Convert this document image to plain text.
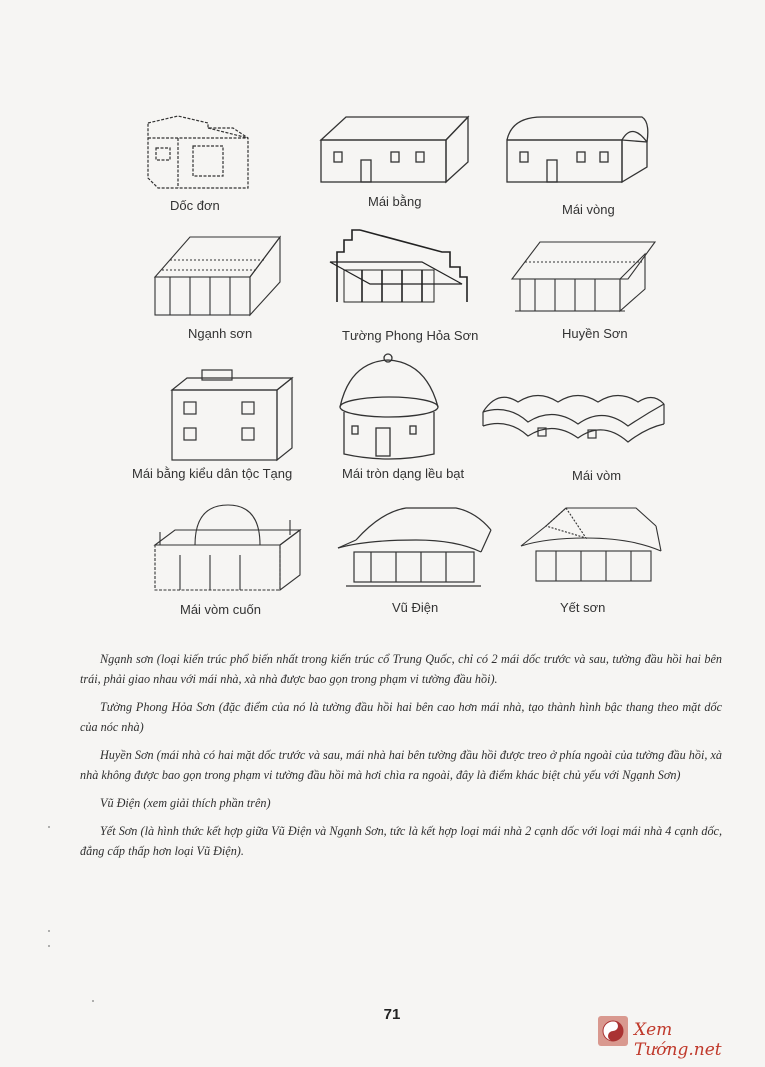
Dốc đơn	Mái bằng
Mái vòng
Ngạnh sơn	Tường Phong Hỏa Sơn	Huyền Sơn
Mái bằng kiểu dân tộc Tạng	Mái tròn dạng lều bạt	Mái vòm
Mái vòm cuốn	Vũ Điện	Yết sơn

Ngạnh sơn (loại kiến trúc phổ biến nhất trong kiến trúc cổ Trung Quốc, chỉ có 2 mái dốc trước và sau, tường đầu hồi hai bên trái, phải giao nhau với mái nhà, xà nhà được bao gọn trong phạm vi tường đầu hồi).

Tường Phong Hỏa Sơn (đặc điểm của nó là tường đầu hồi hai bên cao hơn mái nhà, tạo thành hình bậc thang theo mặt dốc của nóc nhà)

Huyền Sơn (mái nhà có hai mặt dốc trước và sau, mái nhà hai bên tường đầu hồi được treo ở phía ngoài của tường đầu hồi, xà nhà không được bao gọn trong phạm vi tường đầu hồi mà hơi chìa ra ngoài, đây là điểm khác biệt chủ yếu với Ngạnh Sơn)

Vũ Điện (xem giải thích phần trên)

Yết Sơn (là hình thức kết hợp giữa Vũ Điện và Ngạnh Sơn, tức là kết hợp loại mái nhà 2 cạnh dốc với loại mái nhà 4 cạnh dốc, đẳng cấp thấp hơn loại Vũ Điện).

71
Xem Tướng.net
